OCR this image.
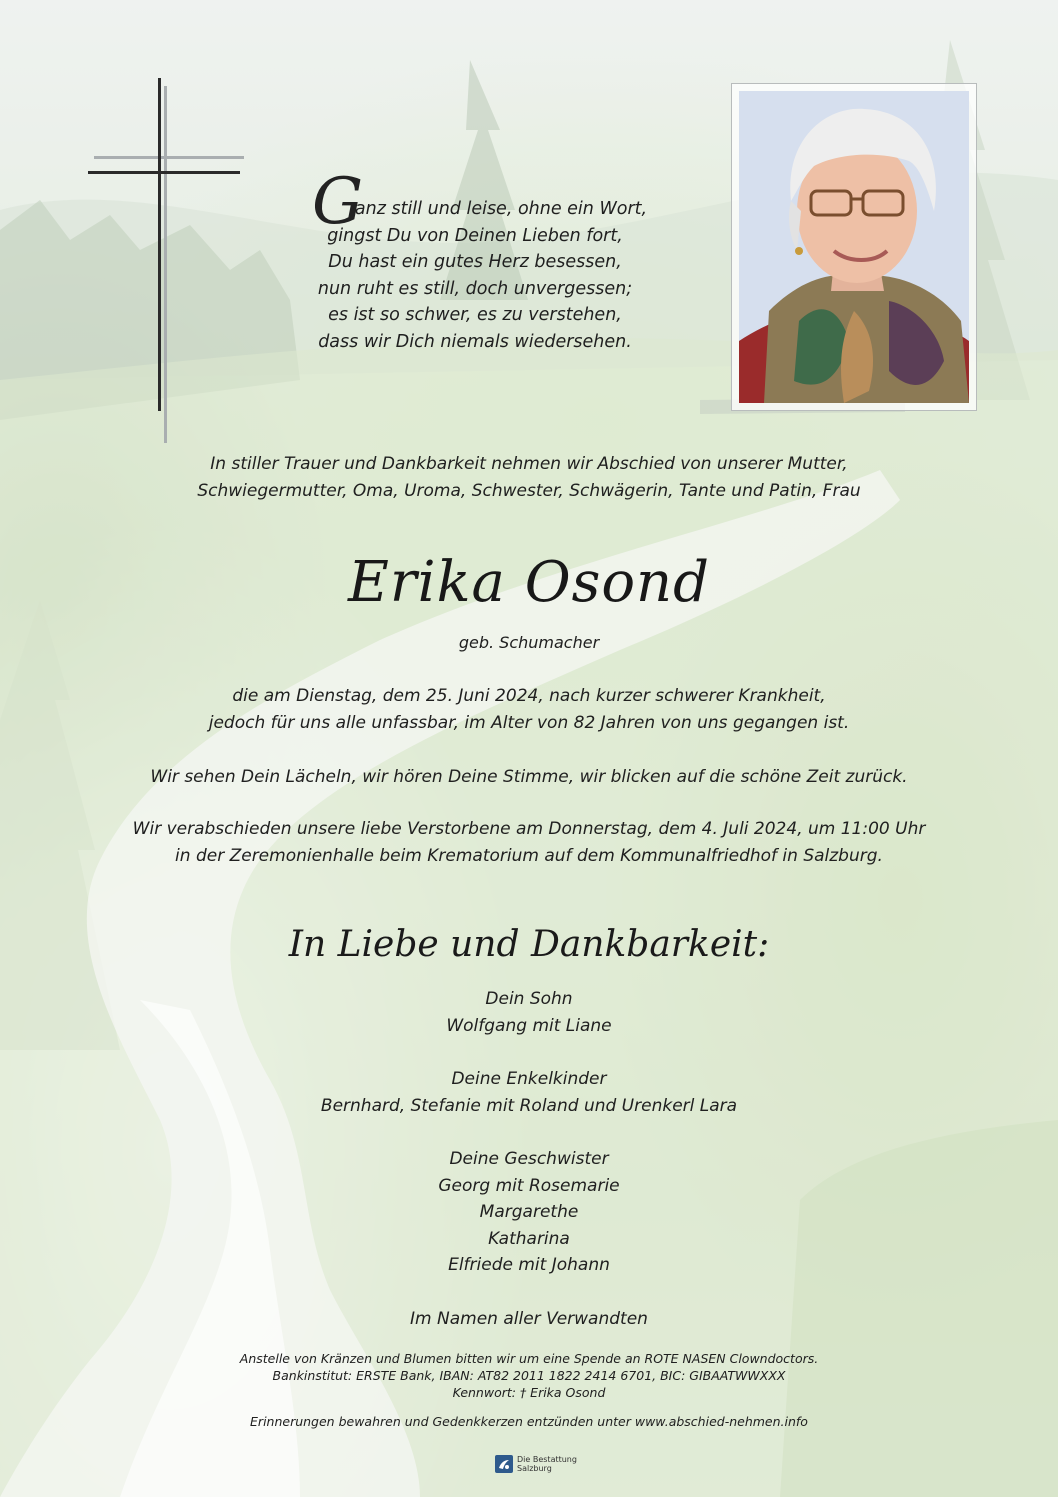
G
anz still und leise, ohne ein Wort,
gingst Du von Deinen Lieben fort,
Du hast ein gutes Herz besessen,
nun ruht es still, doch unvergessen;
es ist so schwer, es zu verstehen,
dass wir Dich niemals wiedersehen.
In stiller Trauer und Dankbarkeit nehmen wir Abschied von unserer Mutter,
Schwiegermutter, Oma, Uroma, Schwester, Schwägerin, Tante und Patin, Frau
Erika Osond
geb. Schumacher
die am Dienstag, dem 25. Juni 2024, nach kurzer schwerer Krankheit,
jedoch für uns alle unfassbar, im Alter von 82 Jahren von uns gegangen ist.
Wir sehen Dein Lächeln, wir hören Deine Stimme, wir blicken auf die schöne Zeit zurück.
Wir verabschieden unsere liebe Verstorbene am Donnerstag, dem 4. Juli 2024, um 11:00 Uhr
in der Zeremonienhalle beim Krematorium auf dem Kommunalfriedhof in Salzburg.
In Liebe und Dankbarkeit:
Dein Sohn
Wolfgang mit Liane
Deine Enkelkinder
Bernhard, Stefanie mit Roland und Urenkerl Lara
Deine Geschwister
Georg mit Rosemarie
Margarethe
Katharina
Elfriede mit Johann
Im Namen aller Verwandten
Anstelle von Kränzen und Blumen bitten wir um eine Spende an ROTE NASEN Clowndoctors.
Bankinstitut: ERSTE Bank, IBAN: AT82 2011 1822 2414 6701, BIC: GIBAATWWXXX
Kennwort: † Erika Osond
Erinnerungen bewahren und Gedenkkerzen entzünden unter www.abschied-nehmen.info
Die Bestattung
Salzburg
